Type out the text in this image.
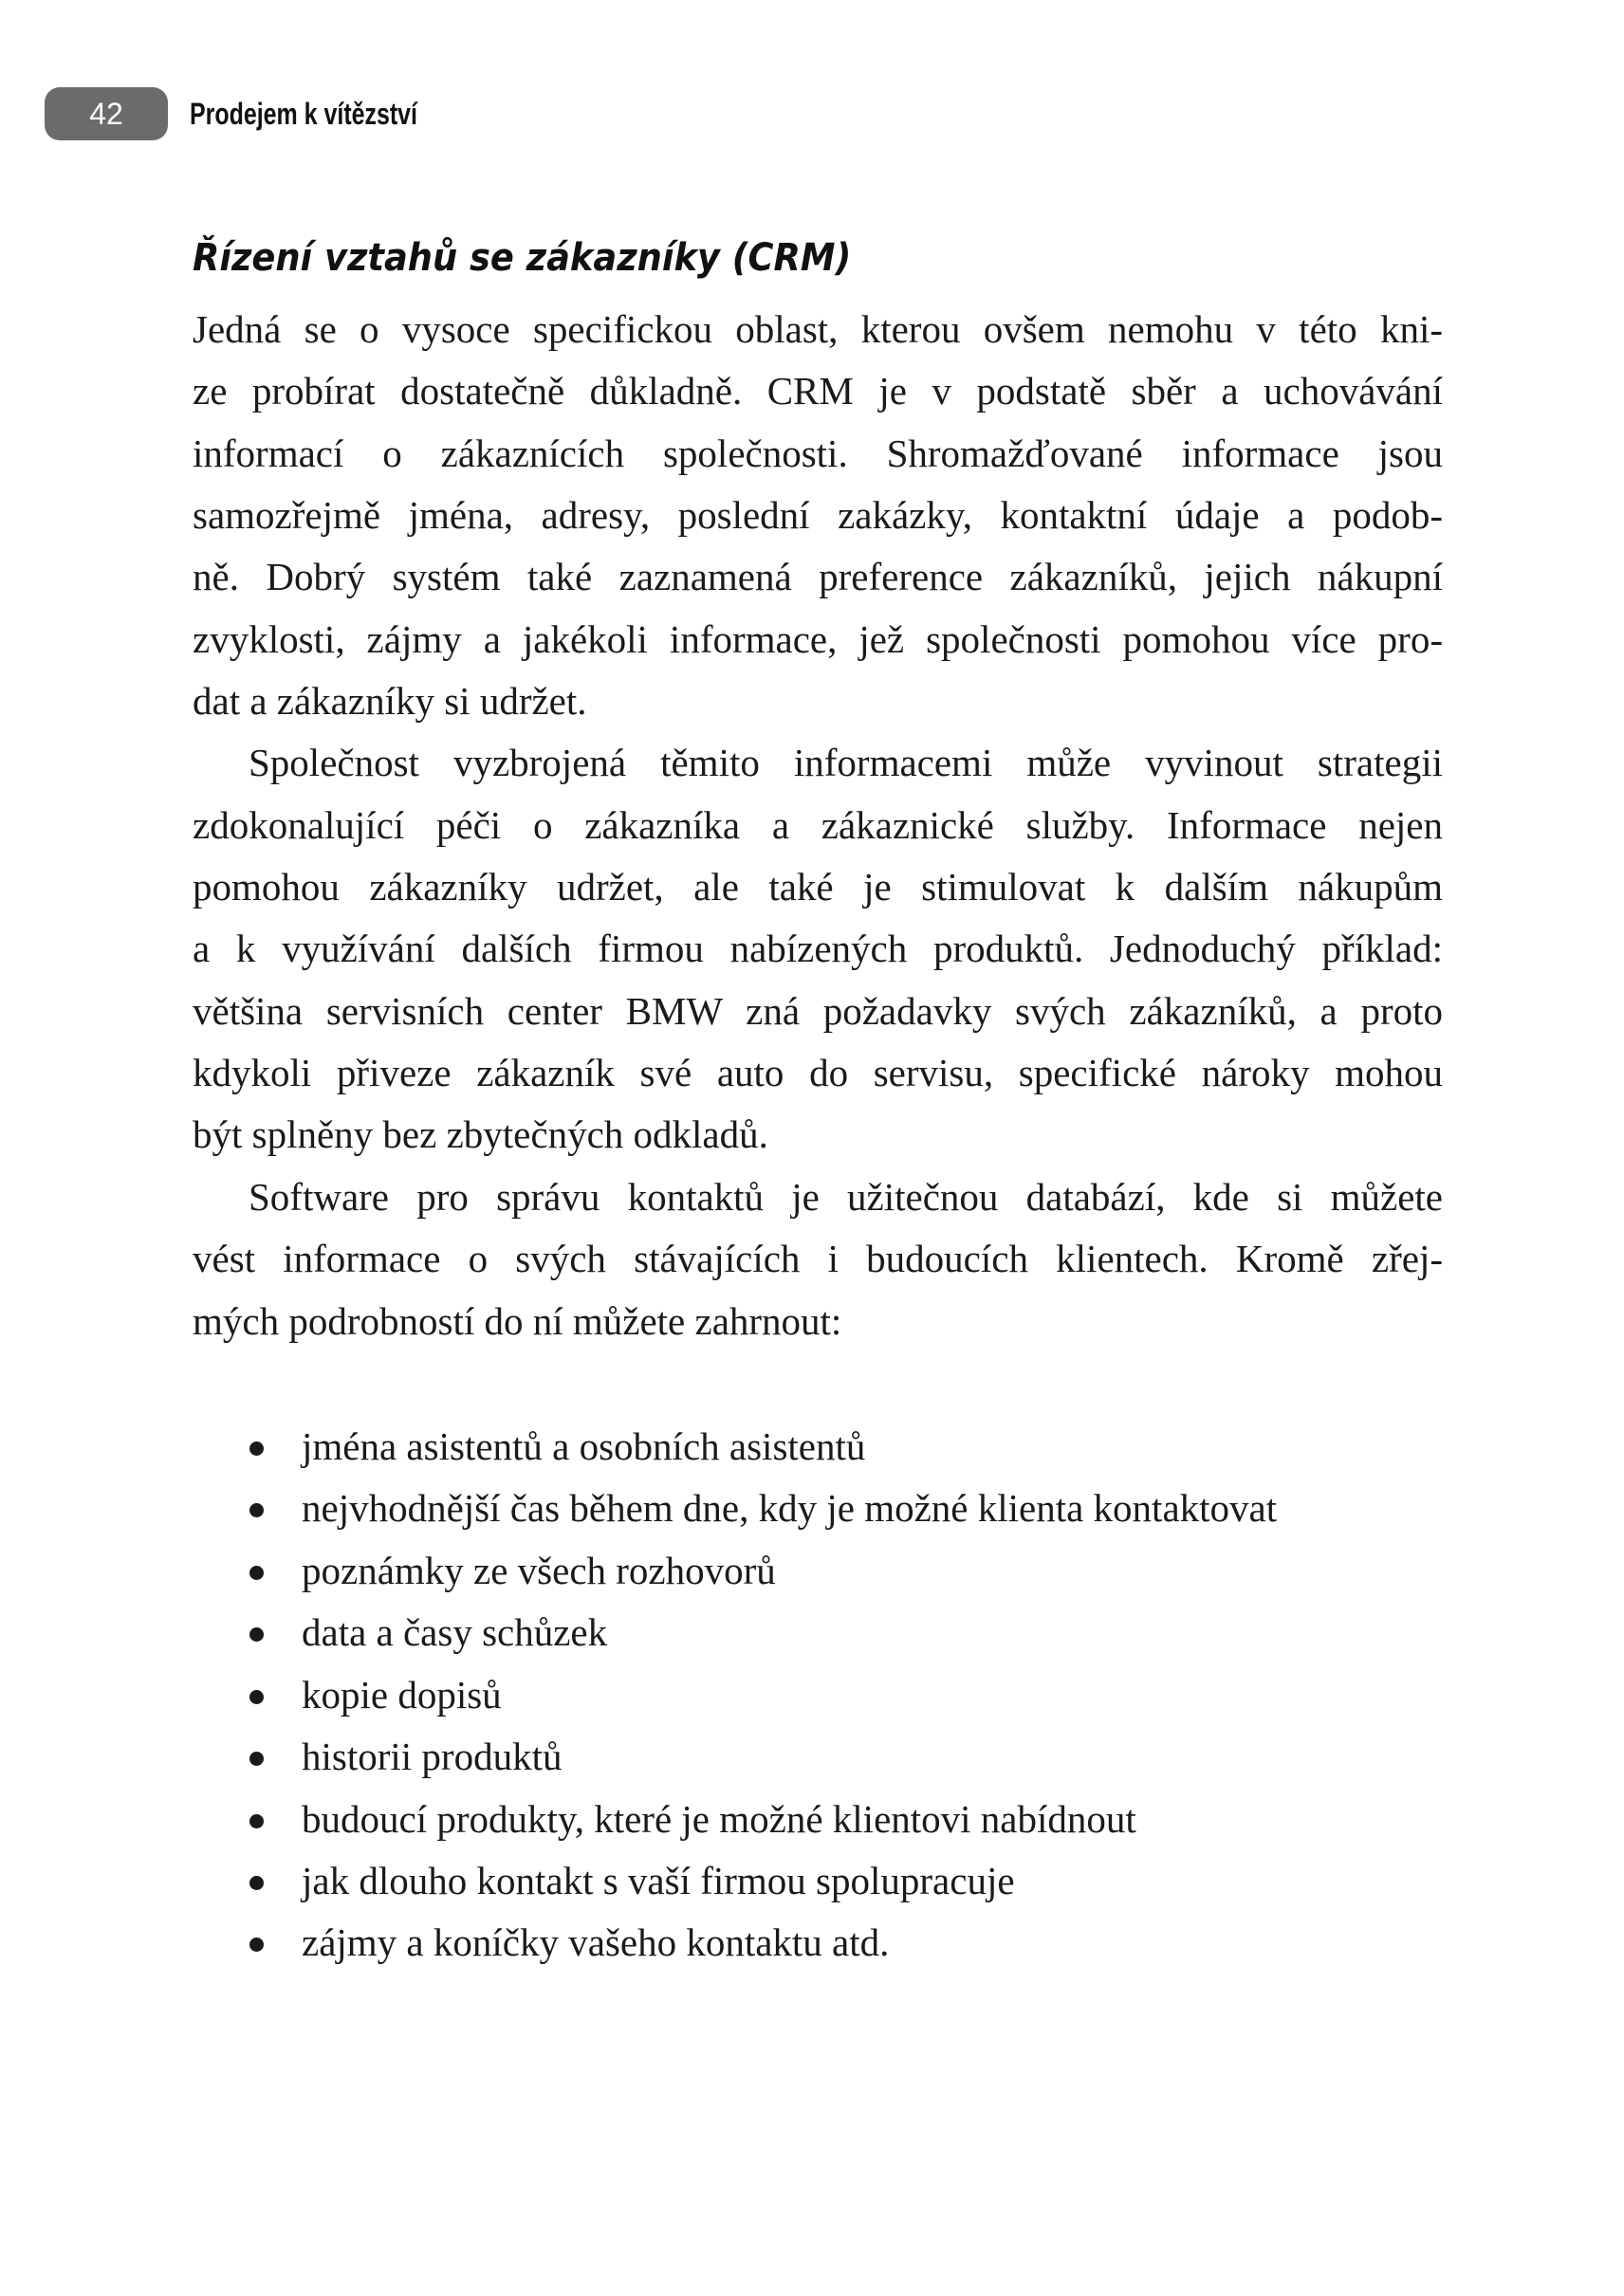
42	Prodejem k vítězství
Řízení vztahů se zákazníky (CRM)
Jedná se o vysoce specifickou oblast, kterou ovšem nemohu v této kni-
ze probírat dostatečně důkladně. CRM je v podstatě sběr a uchovávání
informací o zákaznících společnosti. Shromažďované informace jsou
samozřejmě jména, adresy, poslední zakázky, kontaktní údaje a podob-
ně. Dobrý systém také zaznamená preference zákazníků, jejich nákupní
zvyklosti, zájmy a jakékoli informace, jež společnosti pomohou více pro-
dat a zákazníky si udržet.
Společnost vyzbrojená těmito informacemi může vyvinout strategii
zdokonalující péči o zákazníka a zákaznické služby. Informace nejen
pomohou zákazníky udržet, ale také je stimulovat k dalším nákupům
a k využívání dalších firmou nabízených produktů. Jednoduchý příklad:
většina servisních center BMW zná požadavky svých zákazníků, a proto
kdykoli přiveze zákazník své auto do servisu, specifické nároky mohou
být splněny bez zbytečných odkladů.
Software pro správu kontaktů je užitečnou databází, kde si můžete
vést informace o svých stávajících i budoucích klientech. Kromě zřej-
mých podrobností do ní můžete zahrnout:
jména asistentů a osobních asistentů
nejvhodnější čas během dne, kdy je možné klienta kontaktovat
poznámky ze všech rozhovorů
data a časy schůzek
kopie dopisů
historii produktů
budoucí produkty, které je možné klientovi nabídnout
jak dlouho kontakt s vaší firmou spolupracuje
zájmy a koníčky vašeho kontaktu atd.
